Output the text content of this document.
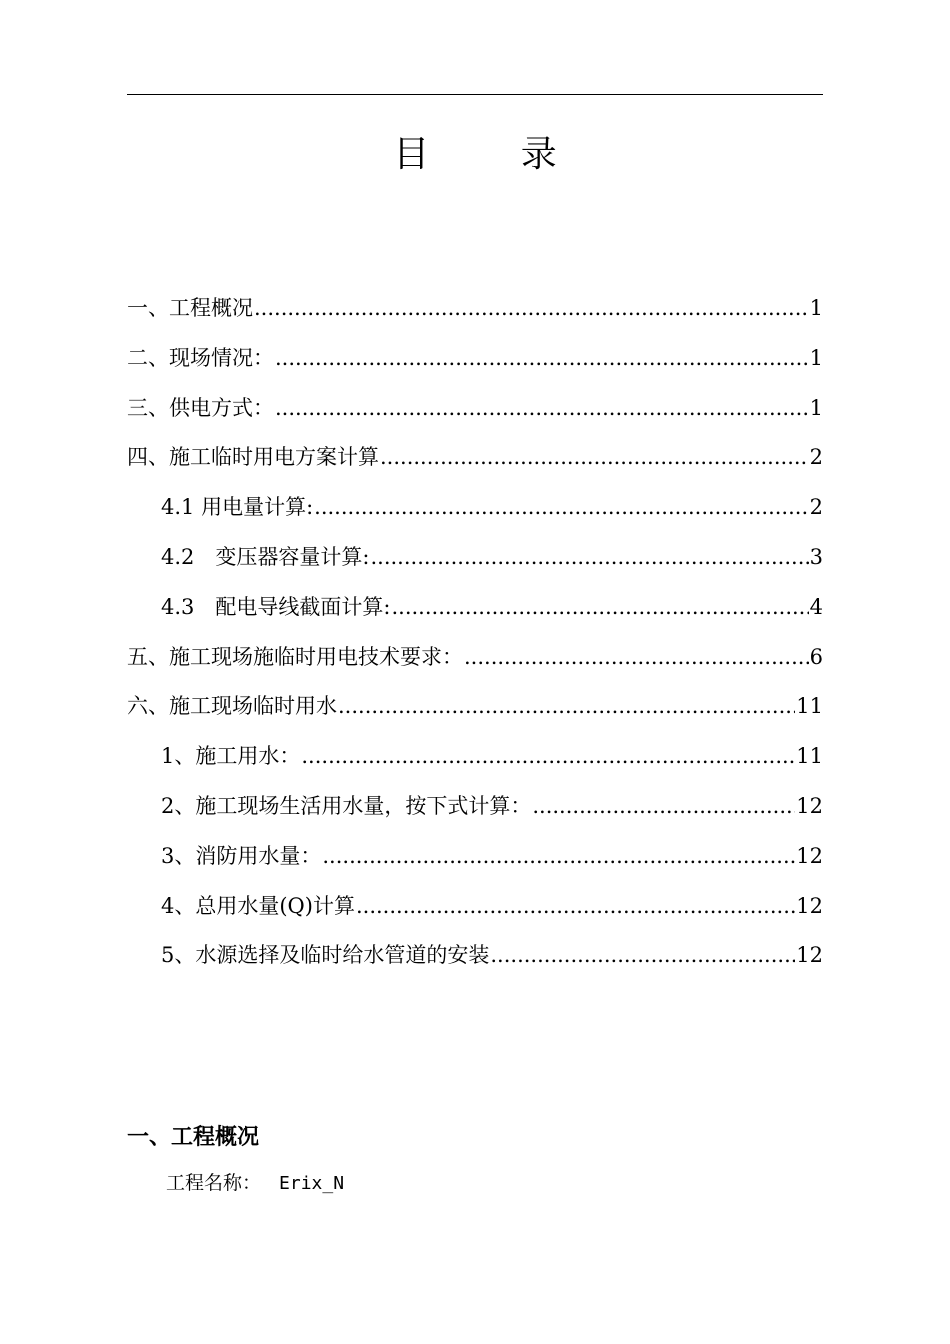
目 录
一、工程概况 .....	1
二、现场情况： .....	1
三、供电方式： .....	1
四、施工临时用电方案计算 .....	2
4.1 用电量计算: .....	2
4.2　变压器容量计算: .....	3
4.3　配电导线截面计算: .....	4
五、施工现场施临时用电技术要求： .....	6
六、施工现场临时用水 .....	11
1、施工用水： .....	11
2、施工现场生活用水量，按下式计算： .....	12
3、消防用水量： .....	12
4、总用水量(Q)计算 .....	12
5、水源选择及临时给水管道的安装 .....	12
一、工程概况
工程名称： Erix_N
